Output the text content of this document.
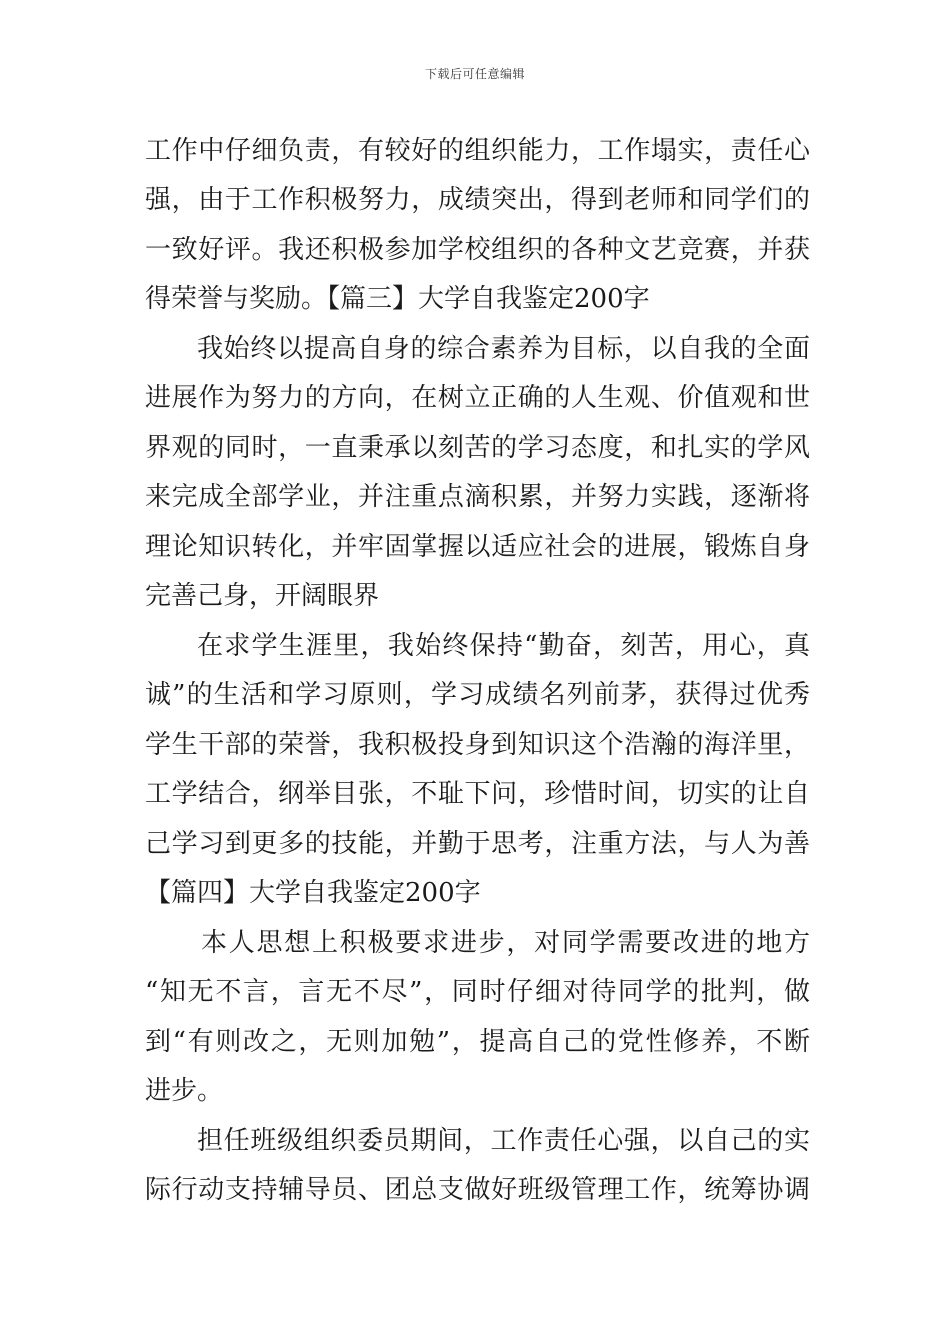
下载后可任意编辑
工作中仔细负责，有较好的组织能力，工作塌实，责任心
强，由于工作积极努力，成绩突出，得到老师和同学们的
一致好评。我还积极参加学校组织的各种文艺竞赛，并获
得荣誉与奖励。【篇三】大学自我鉴定200字
我始终以提高自身的综合素养为目标，以自我的全面
进展作为努力的方向，在树立正确的人生观、价值观和世
界观的同时，一直秉承以刻苦的学习态度，和扎实的学风
来完成全部学业，并注重点滴积累，并努力实践，逐渐将
理论知识转化，并牢固掌握以适应社会的进展，锻炼自身
完善己身，开阔眼界
在求学生涯里，我始终保持“勤奋，刻苦，用心，真
诚”的生活和学习原则，学习成绩名列前茅，获得过优秀
学生干部的荣誉，我积极投身到知识这个浩瀚的海洋里，
工学结合，纲举目张，不耻下问，珍惜时间，切实的让自
己学习到更多的技能，并勤于思考，注重方法，与人为善
【篇四】大学自我鉴定200字
本人思想上积极要求进步，对同学需要改进的地方
“知无不言，言无不尽”，同时仔细对待同学的批判，做
到“有则改之，无则加勉”，提高自己的党性修养，不断
进步。
担任班级组织委员期间，工作责任心强，以自己的实
际行动支持辅导员、团总支做好班级管理工作，统筹协调
